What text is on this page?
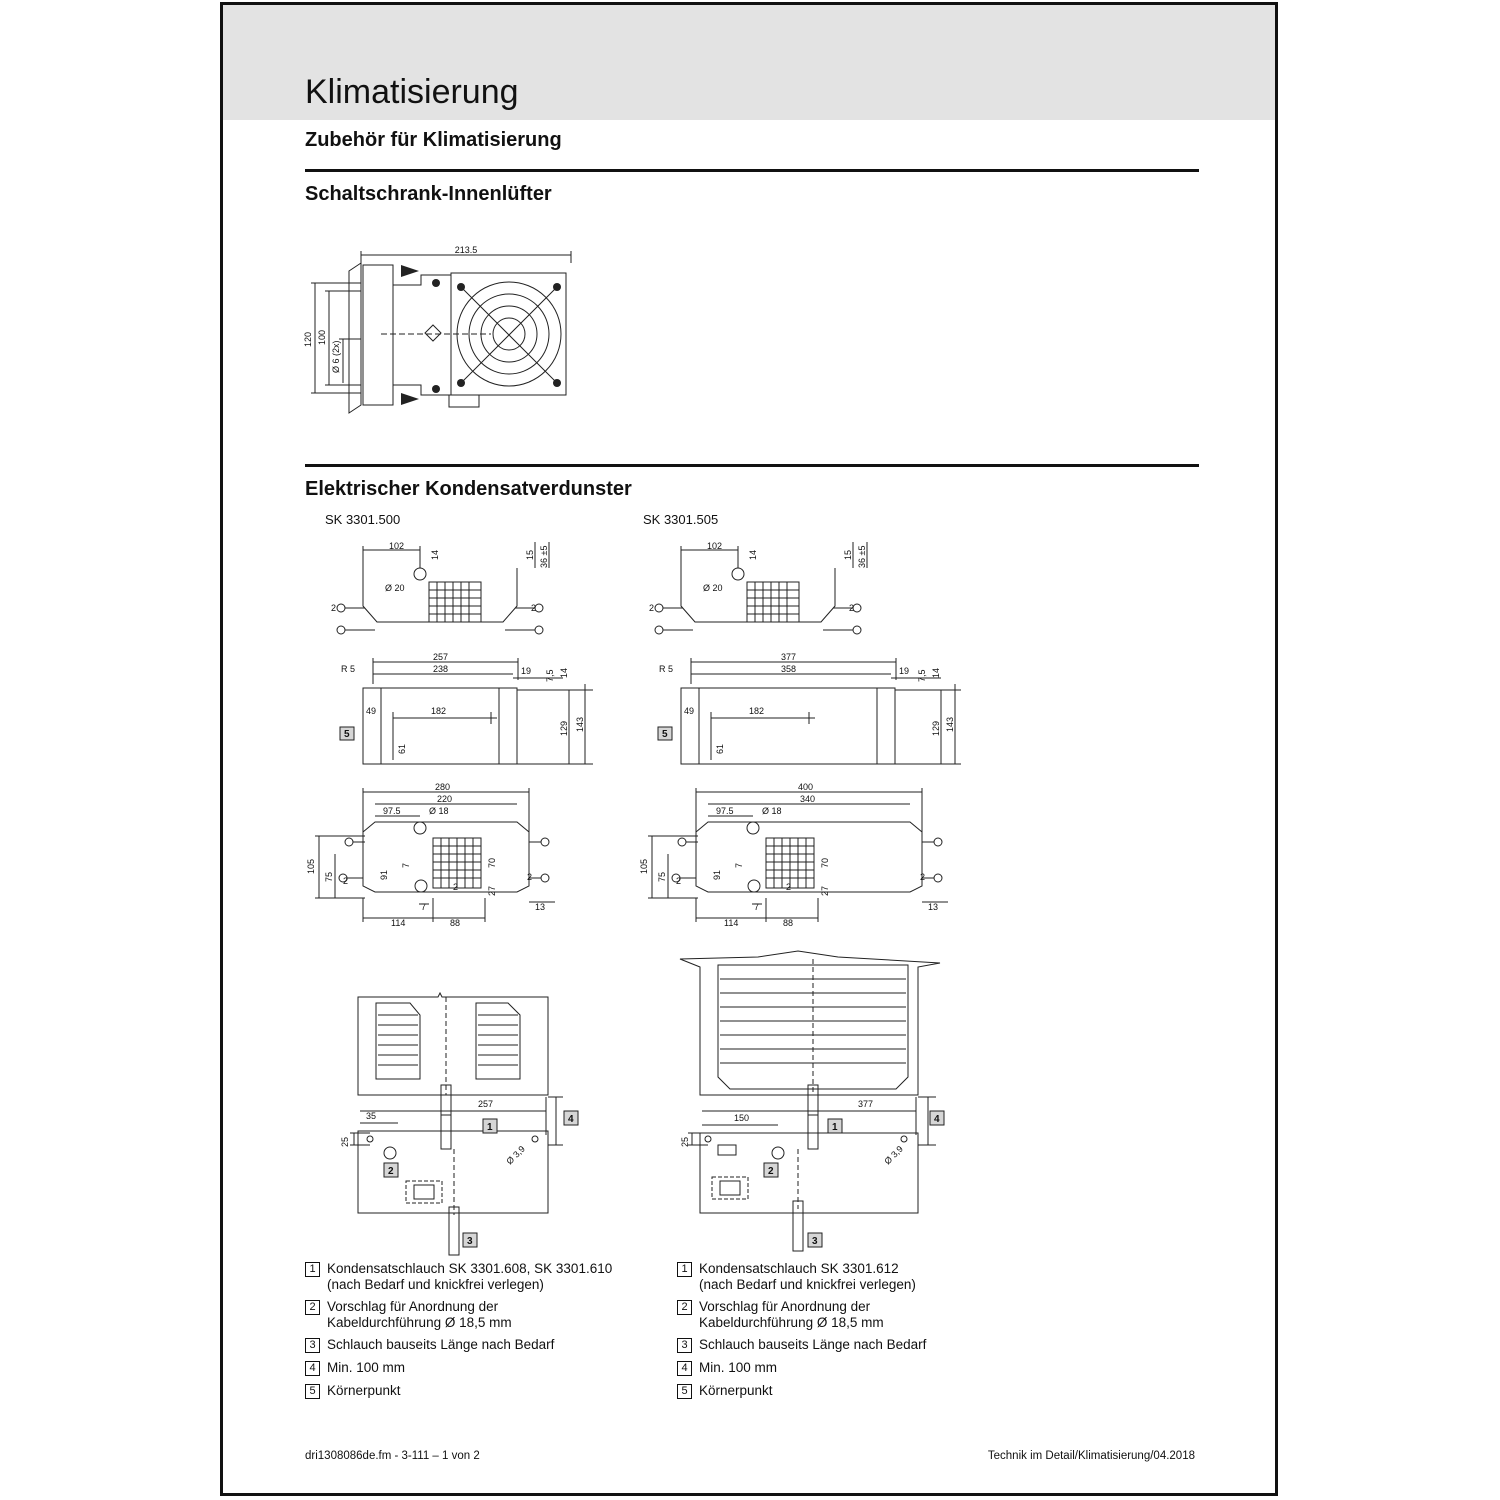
Klimatisierung
Zubehör für Klimatisierung
Schaltschrank-Innenlüfter
213.5
120 100
Ø 6 (2x)
Elektrischer Kondensatverdunster
SK 3301.500	SK 3301.505
102
14	15 36 ±5
Ø 20
2	2
5
257
238
R 5	19 7,5 14
49	182
129 143
61
280
220
97.5	Ø 18
105
75	91
7	70
2
27
2
2
7	13
114	88
1
2
3
4
257
35
25
Ø 3,9
102
14	15 36 ±5
Ø 20
2	2
5
377
358
R 5	19 7,5 14
49	182
129 143
61
400
340
97.5	Ø 18
105
75	91
7	70
2
27
2
2
7	13
114	88
1
2
3
4
377
150
25
Ø 3,9
1 Kondensatschlauch SK 3301.608, SK 3301.610
(nach Bedarf und knickfrei verlegen)
2 Vorschlag für Anordnung der
Kabeldurchführung Ø 18,5 mm
3 Schlauch bauseits Länge nach Bedarf
4 Min. 100 mm
5 Körnerpunkt
1 Kondensatschlauch SK 3301.612
(nach Bedarf und knickfrei verlegen)
2 Vorschlag für Anordnung der
Kabeldurchführung Ø 18,5 mm
3 Schlauch bauseits Länge nach Bedarf
4 Min. 100 mm
5 Körnerpunkt
dri1308086de.fm - 3-111 – 1 von 2	Technik im Detail/Klimatisierung/04.2018
